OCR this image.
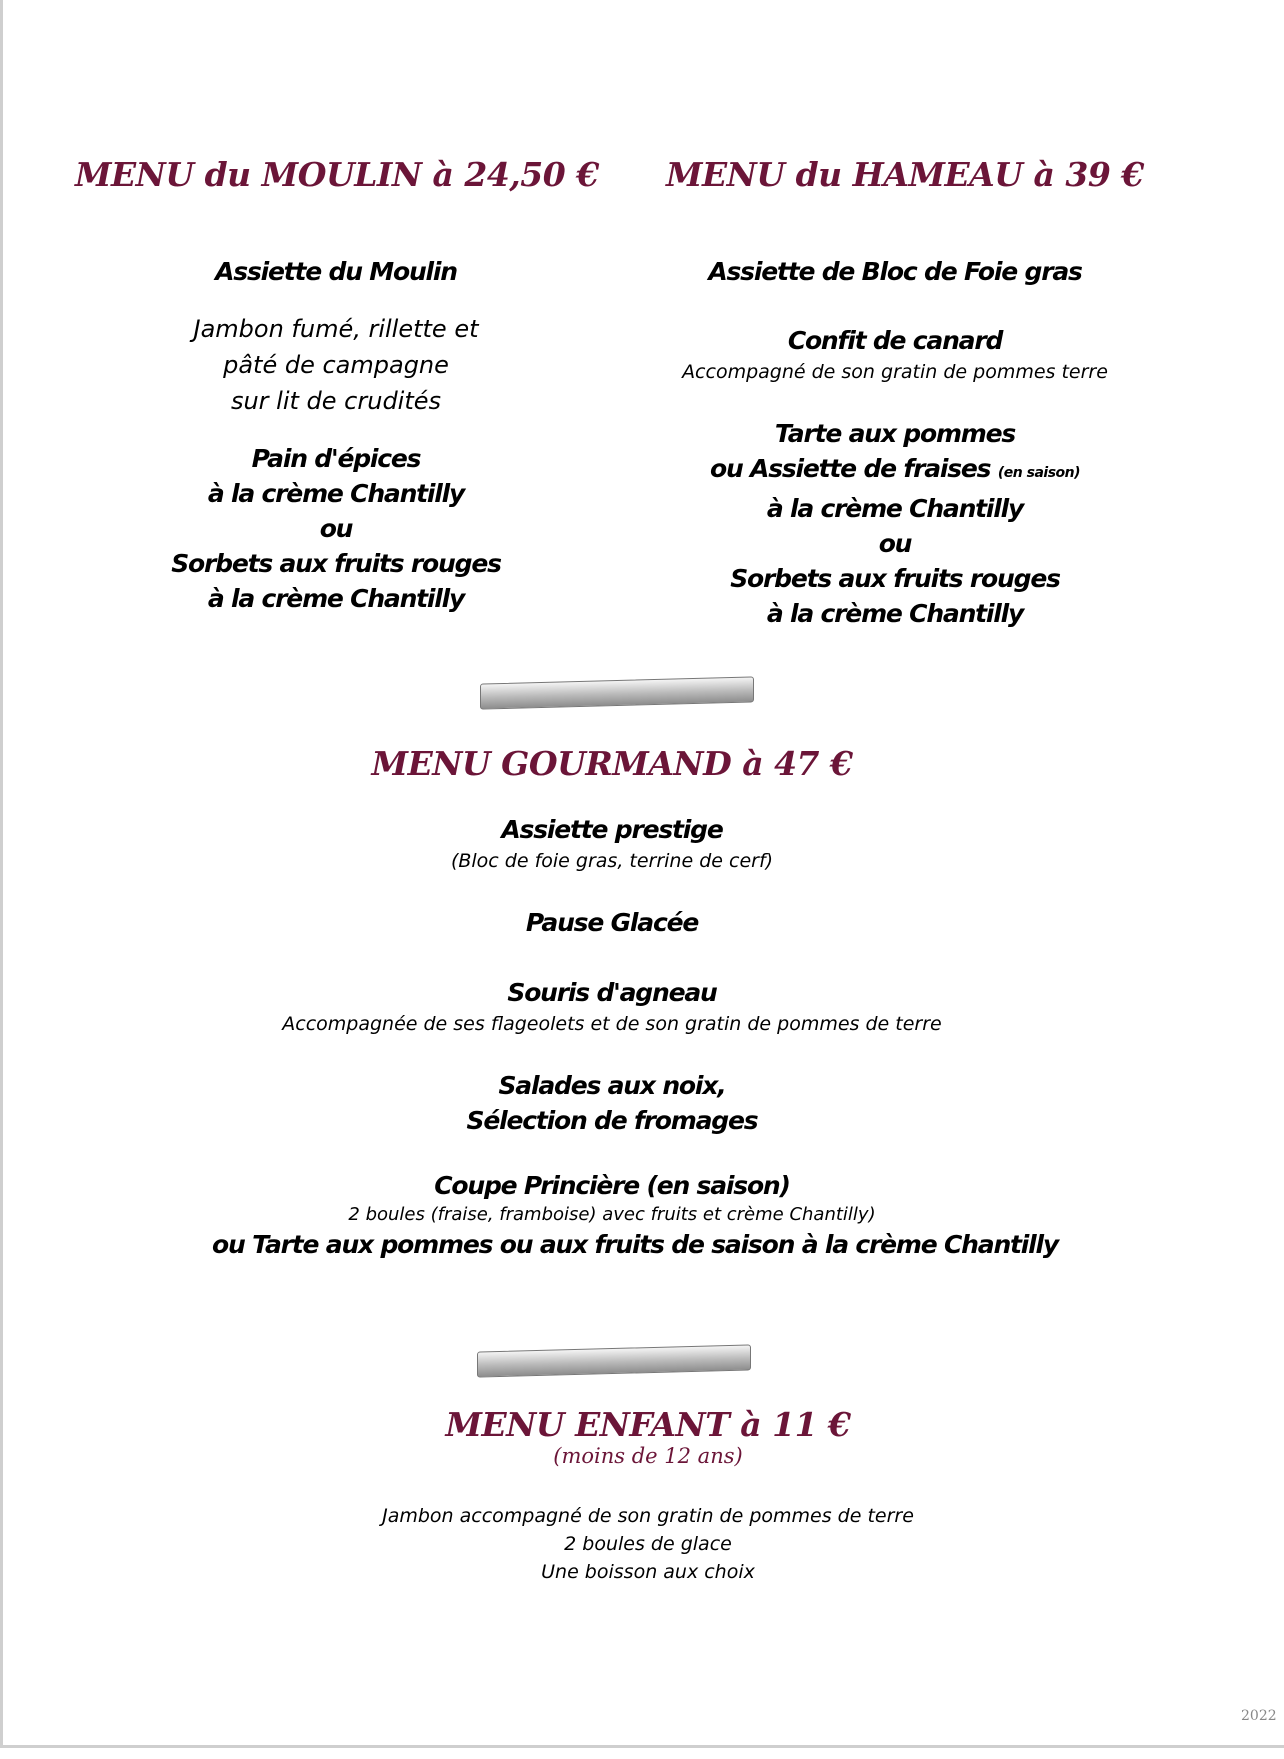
MENU du MOULIN à 24,50 € MENU du HAMEAU à 39 €
Assiette du Moulin
Jambon fumé, rillette et
pâté de campagne
sur lit de crudités
Pain d'épices
à la crème Chantilly
ou
Sorbets aux fruits rouges
à la crème Chantilly
Assiette de Bloc de Foie gras
Confit de canard
Accompagné de son gratin de pommes terre
Tarte aux pommes
ou Assiette de fraises (en saison)
à la crème Chantilly
ou
Sorbets aux fruits rouges
à la crème Chantilly
MENU GOURMAND à 47 €
Assiette prestige
(Bloc de foie gras, terrine de cerf)
Pause Glacée
Souris d'agneau
Accompagnée de ses flageolets et de son gratin de pommes de terre
Salades aux noix,
Sélection de fromages
Coupe Princière (en saison)
2 boules (fraise, framboise) avec fruits et crème Chantilly)
ou Tarte aux pommes ou aux fruits de saison à la crème Chantilly
MENU ENFANT à 11 €
(moins de 12 ans)
Jambon accompagné de son gratin de pommes de terre
2 boules de glace
Une boisson aux choix
2022
